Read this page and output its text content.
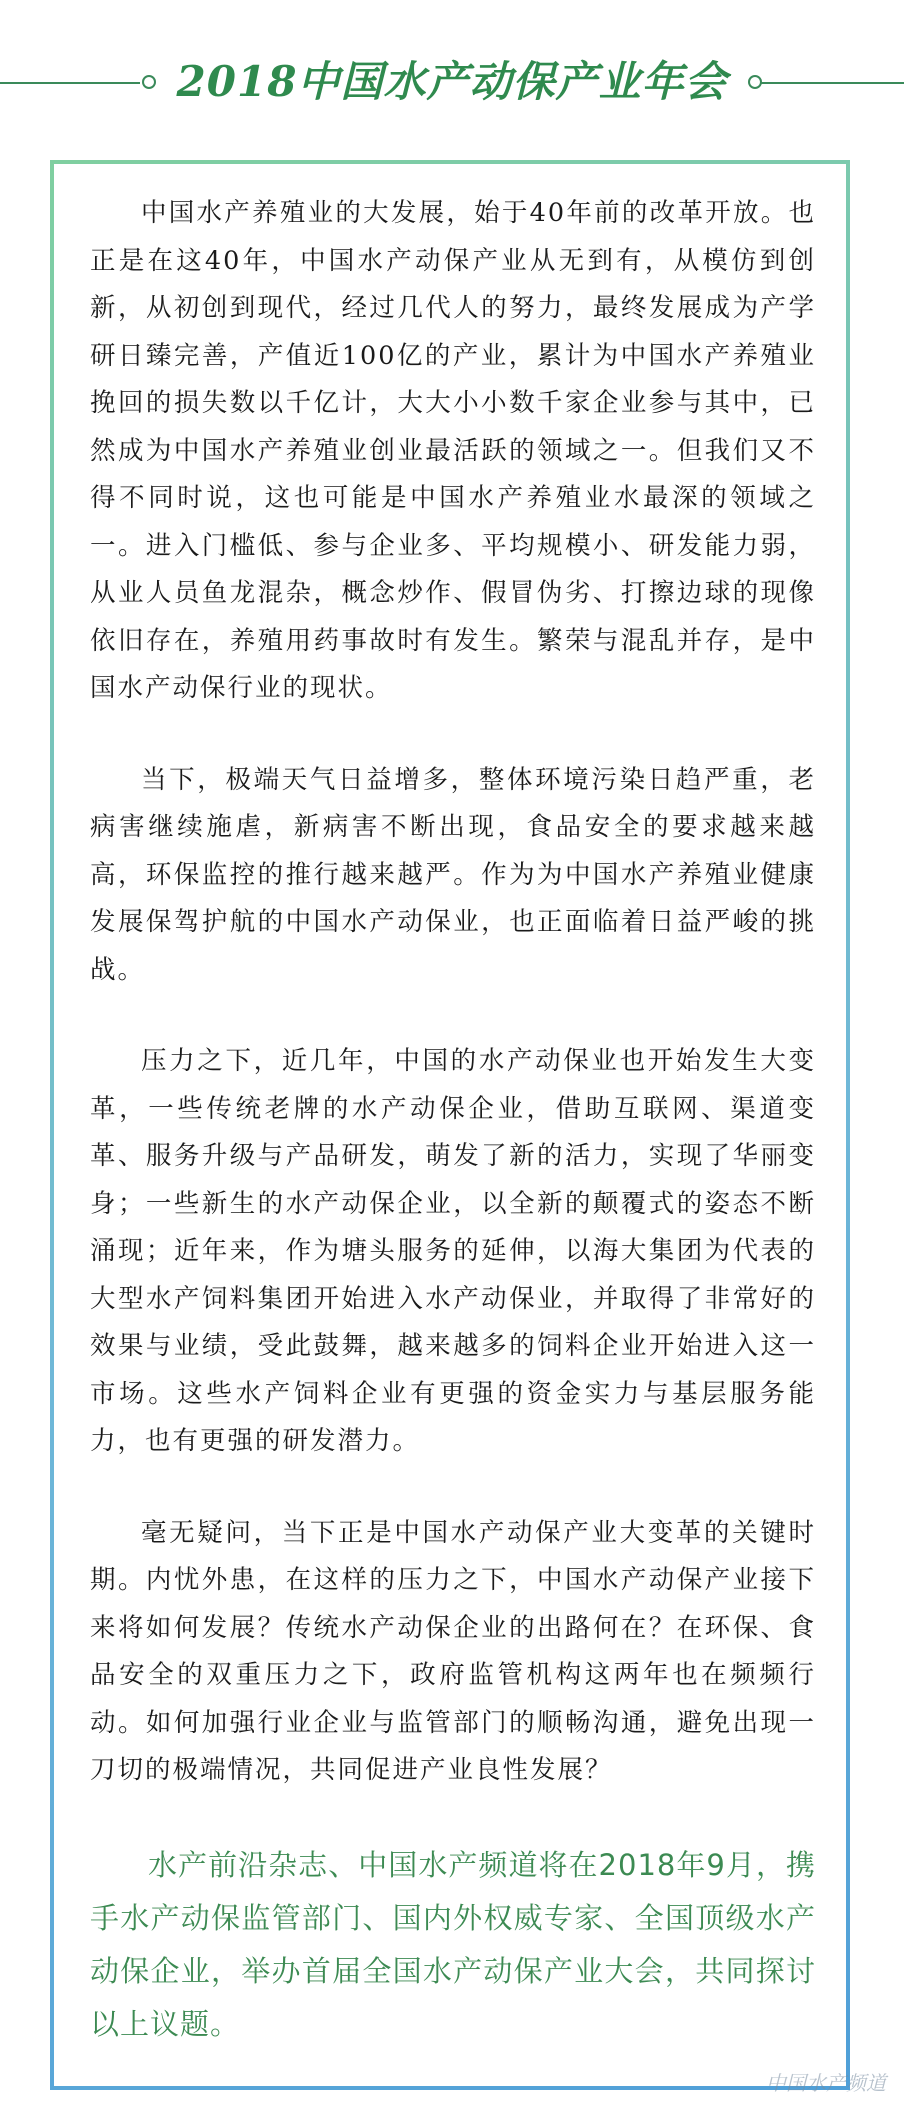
2018中国水产动保产业年会

中国水产养殖业的大发展，始于40年前的改革开放。也正是在这40年，中国水产动保产业从无到有，从模仿到创新，从初创到现代，经过几代人的努力，最终发展成为产学研日臻完善，产值近100亿的产业，累计为中国水产养殖业挽回的损失数以千亿计，大大小小数千家企业参与其中，已然成为中国水产养殖业创业最活跃的领域之一。但我们又不得不同时说，这也可能是中国水产养殖业水最深的领域之一。进入门槛低、参与企业多、平均规模小、研发能力弱，从业人员鱼龙混杂，概念炒作、假冒伪劣、打擦边球的现像依旧存在，养殖用药事故时有发生。繁荣与混乱并存，是中国水产动保行业的现状。

当下，极端天气日益增多，整体环境污染日趋严重，老病害继续施虐，新病害不断出现，食品安全的要求越来越高，环保监控的推行越来越严。作为为中国水产养殖业健康发展保驾护航的中国水产动保业，也正面临着日益严峻的挑战。

压力之下，近几年，中国的水产动保业也开始发生大变革，一些传统老牌的水产动保企业，借助互联网、渠道变革、服务升级与产品研发，萌发了新的活力，实现了华丽变身；一些新生的水产动保企业，以全新的颠覆式的姿态不断涌现；近年来，作为塘头服务的延伸，以海大集团为代表的大型水产饲料集团开始进入水产动保业，并取得了非常好的效果与业绩，受此鼓舞，越来越多的饲料企业开始进入这一市场。这些水产饲料企业有更强的资金实力与基层服务能力，也有更强的研发潜力。

毫无疑问，当下正是中国水产动保产业大变革的关键时期。内忧外患，在这样的压力之下，中国水产动保产业接下来将如何发展？传统水产动保企业的出路何在？在环保、食品安全的双重压力之下，政府监管机构这两年也在频频行动。如何加强行业企业与监管部门的顺畅沟通，避免出现一刀切的极端情况，共同促进产业良性发展？

水产前沿杂志、中国水产频道将在2018年9月，携手水产动保监管部门、国内外权威专家、全国顶级水产动保企业，举办首届全国水产动保产业大会，共同探讨以上议题。

中国水产频道
